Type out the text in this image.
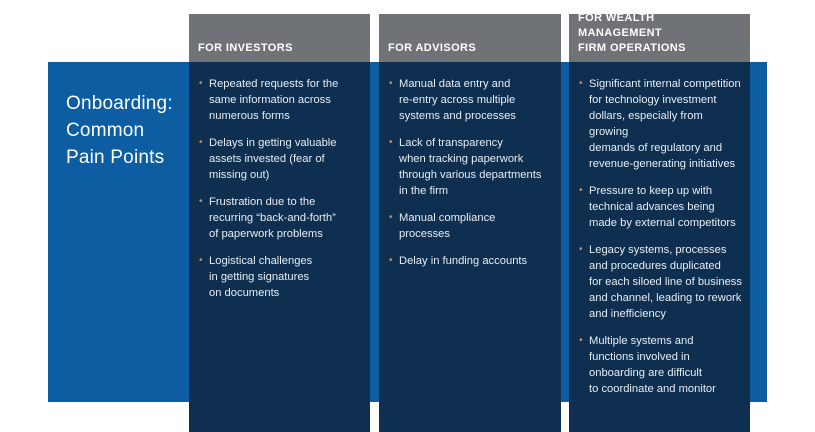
Onboarding:
Common
Pain Points
FOR INVESTORS
• Repeated requests for the
same information across
numerous forms
• Delays in getting valuable
assets invested (fear of
missing out)
• Frustration due to the
recurring “back-and-forth”
of paperwork problems
• Logistical challenges
in getting signatures
on documents
FOR ADVISORS
• Manual data entry and
re-entry across multiple
systems and processes
• Lack of transparency
when tracking paperwork
through various departments
in the firm
• Manual compliance
processes
• Delay in funding accounts
FOR WEALTH MANAGEMENT
FIRM OPERATIONS
• Significant internal competition
for technology investment
dollars, especially from growing
demands of regulatory and
revenue-generating initiatives
• Pressure to keep up with
technical advances being
made by external competitors
• Legacy systems, processes
and procedures duplicated
for each siloed line of business
and channel, leading to rework
and inefficiency
• Multiple systems and
functions involved in
onboarding are difficult
to coordinate and monitor
